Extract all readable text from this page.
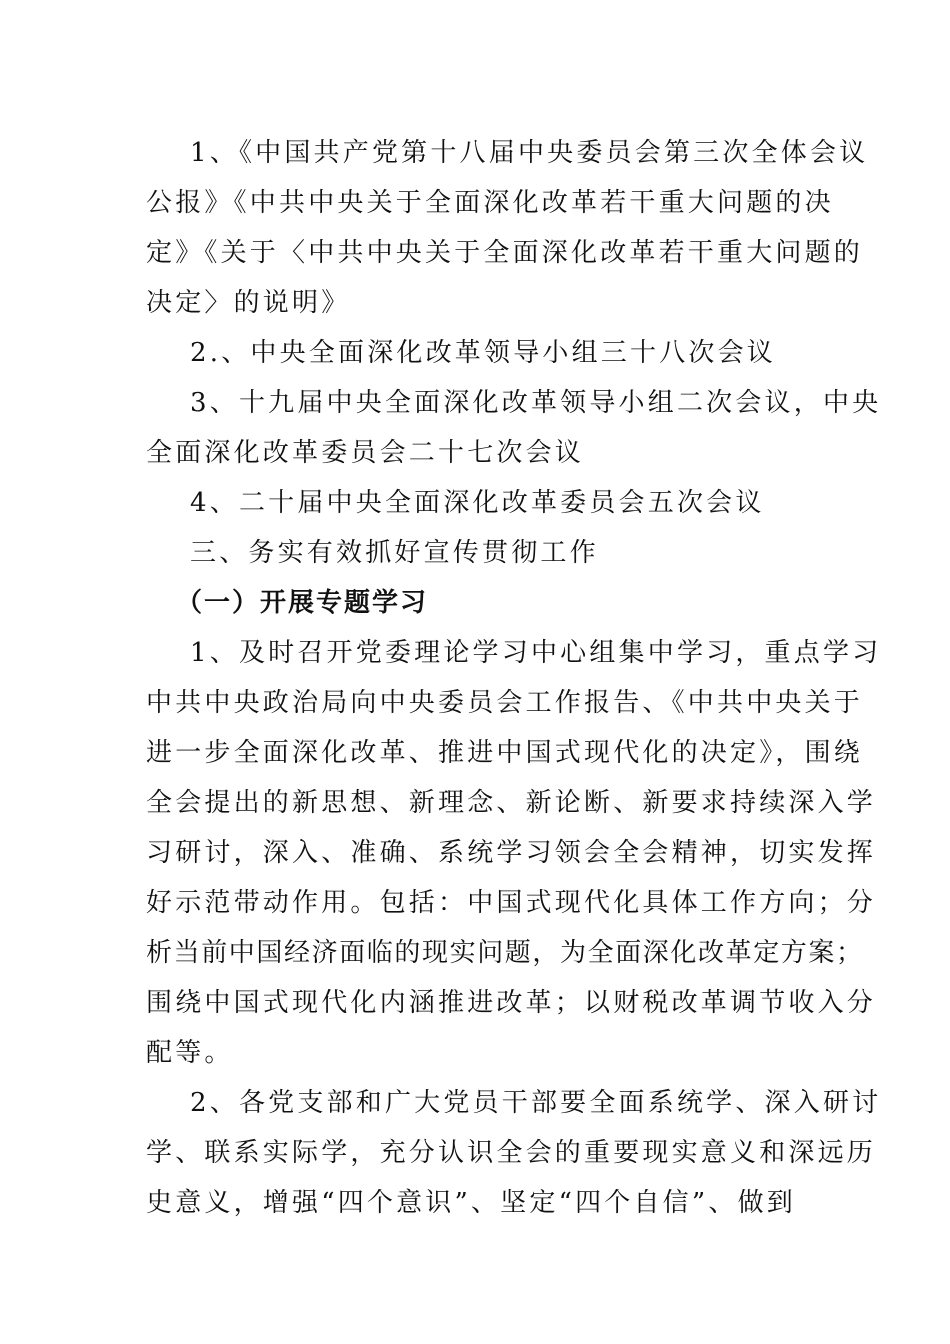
1、《中国共产党第十八届中央委员会第三次全体会议
公报》《中共中央关于全面深化改革若干重大问题的决
定》《关于〈中共中央关于全面深化改革若干重大问题的
决定〉的说明》
2.、中央全面深化改革领导小组三十八次会议
3、十九届中央全面深化改革领导小组二次会议，中央
全面深化改革委员会二十七次会议
4、二十届中央全面深化改革委员会五次会议
三、务实有效抓好宣传贯彻工作
（一）开展专题学习
1、及时召开党委理论学习中心组集中学习，重点学习
中共中央政治局向中央委员会工作报告、《中共中央关于
进一步全面深化改革、推进中国式现代化的决定》，围绕
全会提出的新思想、新理念、新论断、新要求持续深入学
习研讨，深入、准确、系统学习领会全会精神，切实发挥
好示范带动作用。包括：中国式现代化具体工作方向；分
析当前中国经济面临的现实问题，为全面深化改革定方案；
围绕中国式现代化内涵推进改革；以财税改革调节收入分
配等。
2、各党支部和广大党员干部要全面系统学、深入研讨
学、联系实际学，充分认识全会的重要现实意义和深远历
史意义，增强“四个意识”、坚定“四个自信”、做到
